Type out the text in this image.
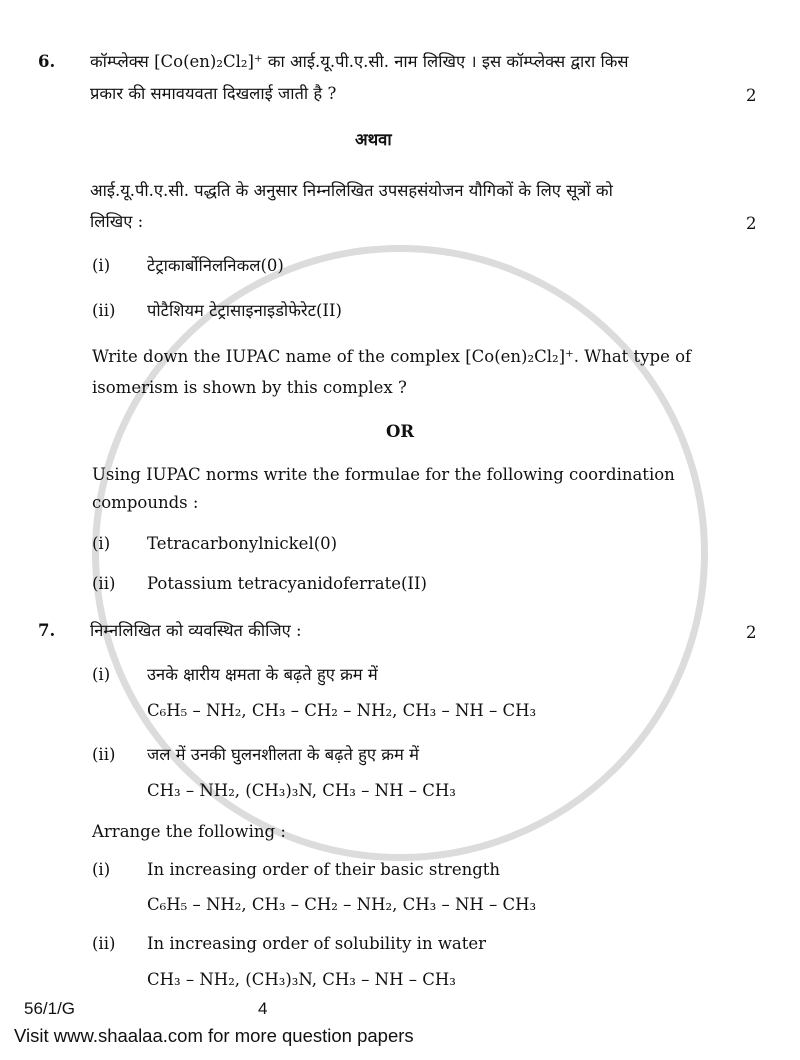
6. कॉम्प्लेक्स [Co(en)₂Cl₂]⁺ का आई.यू.पी.ए.सी. नाम लिखिए । इस कॉम्प्लेक्स द्वारा किस
प्रकार की समावयवता दिखलाई जाती है ?	2
अथवा
आई.यू.पी.ए.सी. पद्धति के अनुसार निम्नलिखित उपसहसंयोजन यौगिकों के लिए सूत्रों को
लिखिए :	2
(i) टेट्राकार्बोनिलनिकल(0)
(ii) पोटैशियम टेट्रासाइनाइडोफेरेट(II)
Write down the IUPAC name of the complex [Co(en)₂Cl₂]⁺. What type of
isomerism is shown by this complex ?
OR
Using IUPAC norms write the formulae for the following coordination
compounds :
(i) Tetracarbonylnickel(0)
(ii) Potassium tetracyanidoferrate(II)
7. निम्नलिखित को व्यवस्थित कीजिए :	2
(i) उनके क्षारीय क्षमता के बढ़ते हुए क्रम में
C₆H₅ – NH₂, CH₃ – CH₂ – NH₂, CH₃ – NH – CH₃
(ii) जल में उनकी घुलनशीलता के बढ़ते हुए क्रम में
CH₃ – NH₂, (CH₃)₃N, CH₃ – NH – CH₃
Arrange the following :
(i) In increasing order of their basic strength
C₆H₅ – NH₂, CH₃ – CH₂ – NH₂, CH₃ – NH – CH₃
(ii) In increasing order of solubility in water
CH₃ – NH₂, (CH₃)₃N, CH₃ – NH – CH₃
56/1/G	4
Visit www.shaalaa.com for more question papers
